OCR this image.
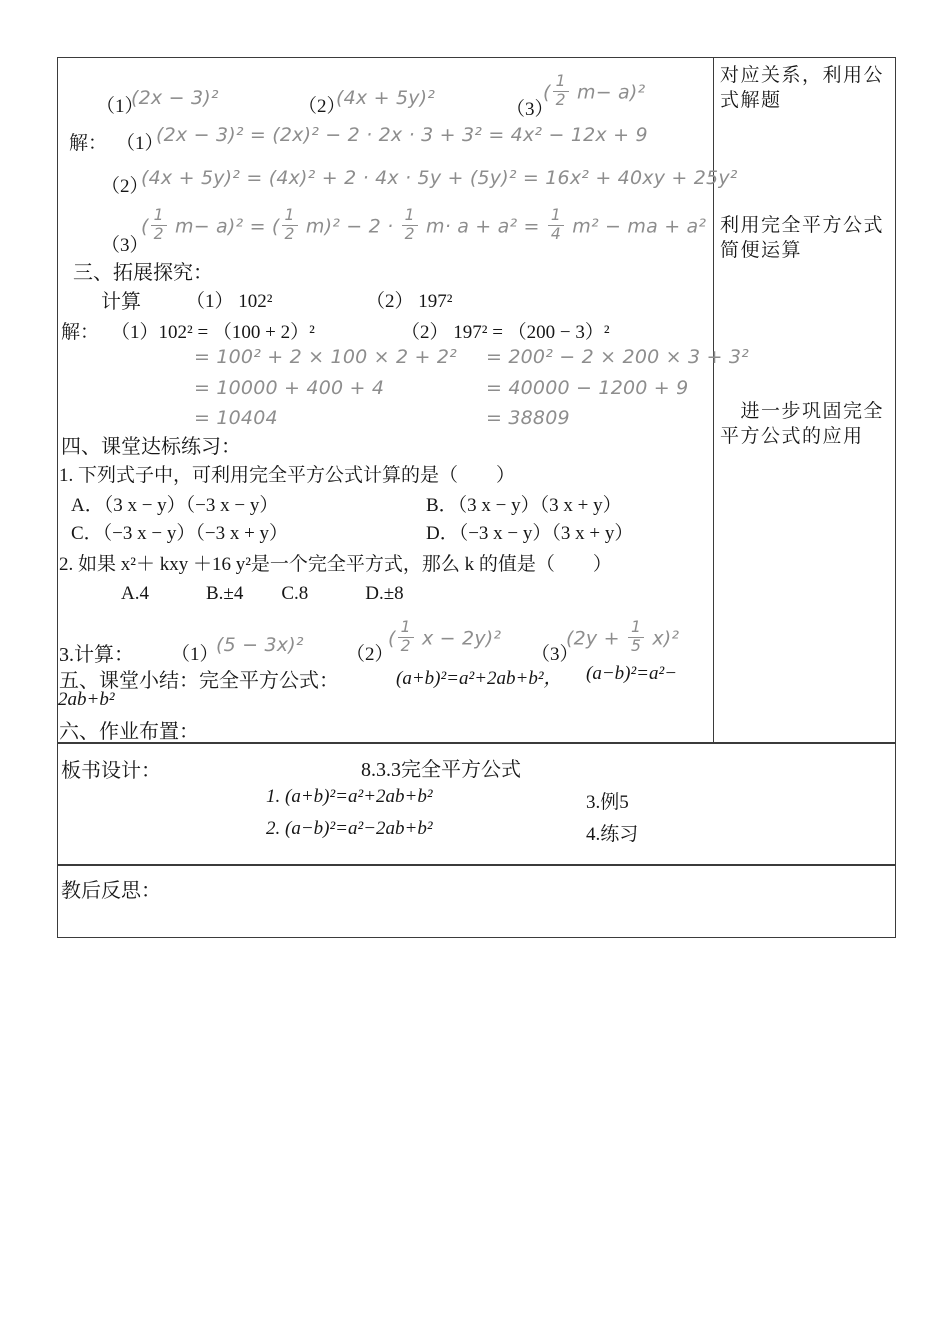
（1）
(2x − 3)²	（2）
(4x + 5y)²
（3）
( $\frac{1}{2} m- a)^2$
解： （1）
(2x − 3)² = (2x)² − 2 · 2x · 3 + 3² = 4x² − 12x + 9
（2）
(4x + 5y)² = (4x)² + 2 · 4x · 5y + (5y)² = 16x² + 40xy + 25y²
（3）
( $\frac{1}{2} m- a)^2$ = ( $\frac{1}{2} m)^2 - 2 \cdot \frac{1}{2} m\cdot a + a^2 = \frac{1}{4} m^2$ − ma + a²
三、拓展探究：
计算 （1） 102²	（2） 197²
解： （1）102² = （100 + 2）²	（2） 197² = （200 − 3）²
= 100² + 2 × 100 × 2 + 2² = 200² − 2 × 200 × 3 + 3²
= 10000 + 400 + 4	= 40000 − 1200 + 9
= 10404	= 38809
四、课堂达标练习：
1. 下列式子中，可利用完全平方公式计算的是（　　）
A．（3 x − y）（−3 x − y）	B．（3 x − y）（3 x + y）
C．（−3 x − y）（−3 x + y）	D．（−3 x − y）（3 x + y）
2. 如果 x²＋ kxy ＋16 y²是一个完全平方式，那么 k 的值是（　　）
A.4　　　B.±4　　C.8　　　D.±8
3.计算： （1）
(5 − 3x)² （2）
( $\frac{1}{2}$ x − 2y)²
（3）
$(2y + \frac{1}{5} x)^2$
五、课堂小结：完全平方公式：	(a+b)²=a²+2ab+b²， (a−b)²=a²−
2ab+b²
六、作业布置：
对应关系，利用公式解题
利用完全平方公式简便运算
　进一步巩固完全平方公式的应用
板书设计：	8.3.3完全平方公式
1. (a+b)²=a²+2ab+b²	3.例5
2. (a−b)²=a²−2ab+b²	4.练习
教后反思：
